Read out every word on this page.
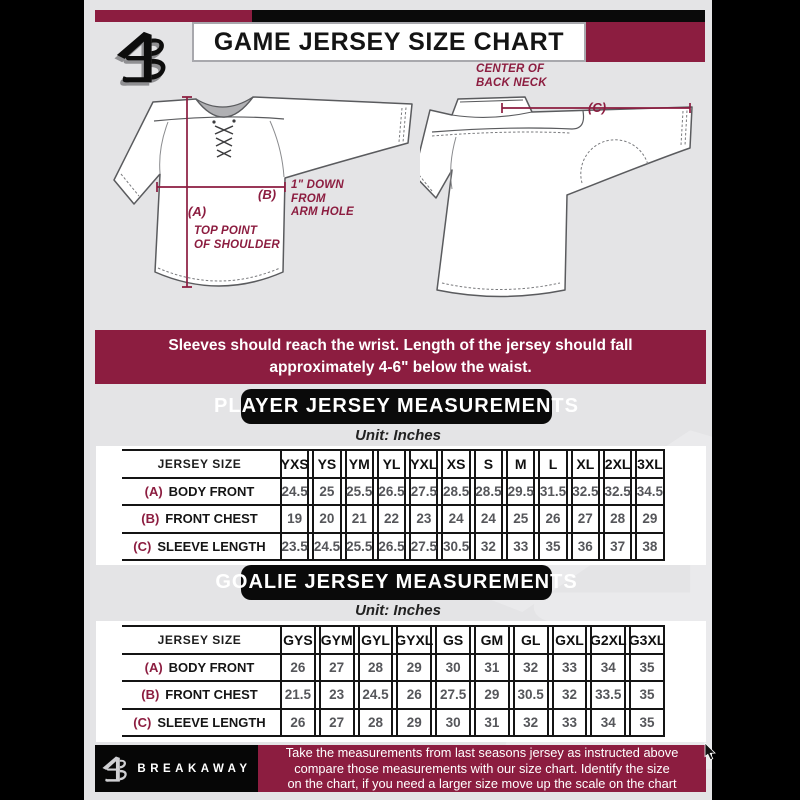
GAME JERSEY SIZE CHART
(A)
TOP POINT
OF SHOULDER
(B)
1" DOWN
FROM
ARM HOLE
CENTER OF
BACK NECK
(C)
Sleeves should reach the wrist. Length of the jersey should fall
approximately 4-6" below the waist.
PLAYER JERSEY MEASUREMENTS
Unit: Inches
JERSEY SIZE	YXS YS YM YL YXL XS	S	M	L	XL 2XL 3XL
(A) BODY FRONT 24.5 25 25.5 26.5 27.5 28.5 28.5 29.5 31.5 32.5 32.5 34.5
(B) FRONT CHEST	19	20	21	22	23	24	24	25	26	27	28	29
(C) SLEEVE LENGTH 23.5 24.5 25.5 26.5 27.5 30.5 32	33	35	36	37	38
GOALIE JERSEY MEASUREMENTS
Unit: Inches
JERSEY SIZE	GYS GYM GYL GYXL GS	GM	GL	GXL G2XL G3XL
(A) BODY FRONT	26	27	28	29	30	31	32	33	34	35
(B) FRONT CHEST	21.5	23	24.5	26	27.5	29	30.5	32	33.5	35
(C) SLEEVE LENGTH	26	27	28	29	30	31	32	33	34	35
BREAKAWAY
Take the measurements from last seasons jersey as instructed above
compare those measurements with our size chart. Identify the size
on the chart, if you need a larger size move up the scale on the chart
